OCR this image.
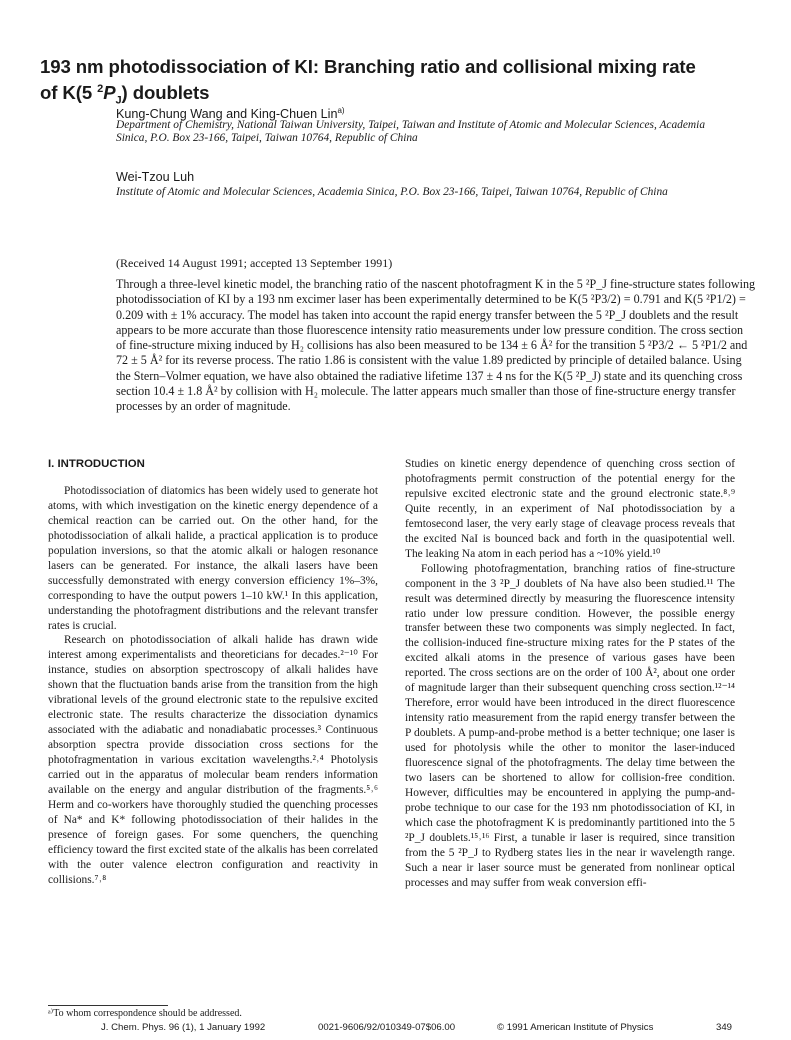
193 nm photodissociation of KI: Branching ratio and collisional mixing rate
of K(5 $^2P_J$) doublets
Kung-Chung Wang and King-Chuen Lin$^{a)}$
Department of Chemistry, National Taiwan University, Taipei, Taiwan and Institute of Atomic and Molecular Sciences, Academia Sinica, P.O. Box 23-166, Taipei, Taiwan 10764, Republic of China
Wei-Tzou Luh
Institute of Atomic and Molecular Sciences, Academia Sinica, P.O. Box 23-166, Taipei, Taiwan 10764, Republic of China
(Received 14 August 1991; accepted 13 September 1991)

Through a three-level kinetic model, the branching ratio of the nascent photofragment K in the 5 ²P_J fine-structure states following photodissociation of KI by a 193 nm excimer laser has been experimentally determined to be K(5 ²P3/2) = 0.791 and K(5 ²P1/2) = 0.209 with ± 1% accuracy. The model has taken into account the rapid energy transfer between the 5 ²P_J doublets and the result appears to be more accurate than those fluorescence intensity ratio measurements under low pressure condition. The cross section of fine-structure mixing induced by H₂ collisions has also been measured to be 134 ± 6 Å² for the transition 5 ²P3/2 ← 5 ²P1/2 and 72 ± 5 Å² for its reverse process. The ratio 1.86 is consistent with the value 1.89 predicted by principle of detailed balance. Using the Stern–Volmer equation, we have also obtained the radiative lifetime 137 ± 4 ns for the K(5 ²P_J) state and its quenching cross section 10.4 ± 1.8 Å² by collision with H₂ molecule. The latter appears much smaller than those of fine-structure energy transfer processes by an order of magnitude.

I. INTRODUCTION

Photodissociation of diatomics has been widely used to generate hot atoms, with which investigation on the kinetic energy dependence of a chemical reaction can be carried out. On the other hand, for the photodissociation of alkali halide, a practical application is to produce population inversions, so that the atomic alkali or halogen resonance lasers can be generated. For instance, the alkali lasers have been successfully demonstrated with energy conversion efficiency 1%–3%, corresponding to have the output powers 1–10 kW.¹ In this application, understanding the photofragment distributions and the relevant transfer rates is crucial.

Research on photodissociation of alkali halide has drawn wide interest among experimentalists and theoreticians for decades.²⁻¹⁰ For instance, studies on absorption spectroscopy of alkali halides have shown that the fluctuation bands arise from the transition from the high vibrational levels of the ground electronic state to the repulsive excited electronic state. The results characterize the dissociation dynamics associated with the adiabatic and nonadiabatic processes.³ Continuous absorption spectra provide dissociation cross sections for the photofragmentation in various excitation wavelengths.²˒⁴ Photolysis carried out in the apparatus of molecular beam renders information available on the energy and angular distribution of the fragments.⁵˒⁶ Herm and co-workers have thoroughly studied the quenching processes of Na* and K* following photodissociation of their halides in the presence of foreign gases. For some quenchers, the quenching efficiency toward the first excited state of the alkalis has been correlated with the outer valence electron configuration and reactivity in collisions.⁷˒⁸

Studies on kinetic energy dependence of quenching cross section of photofragments permit construction of the potential energy for the repulsive excited electronic state and the ground electronic state.⁸˒⁹ Quite recently, in an experiment of NaI photodissociation by a femtosecond laser, the very early stage of cleavage process reveals that the excited NaI is bounced back and forth in the quasipotential well. The leaking Na atom in each period has a ~10% yield.¹⁰

Following photofragmentation, branching ratios of fine-structure component in the 3 ²P_J doublets of Na have also been studied.¹¹ The result was determined directly by measuring the fluorescence intensity ratio under low pressure condition. However, the possible energy transfer between these two components was simply neglected. In fact, the collision-induced fine-structure mixing rates for the P states of the excited alkali atoms in the presence of various gases have been reported. The cross sections are on the order of 100 Å², about one order of magnitude larger than their subsequent quenching cross section.¹²⁻¹⁴ Therefore, error would have been introduced in the direct fluorescence intensity ratio measurement from the rapid energy transfer between the P doublets. A pump-and-probe method is a better technique; one laser is used for photolysis while the other to monitor the laser-induced fluorescence signal of the photofragments. The delay time between the two lasers can be shortened to allow for collision-free condition. However, difficulties may be encountered in applying the pump-and-probe technique to our case for the 193 nm photodissociation of KI, in which case the photofragment K is predominantly partitioned into the 5 ²P_J doublets.¹⁵˒¹⁶ First, a tunable ir laser is required, since transition from the 5 ²P_J to Rydberg states lies in the near ir wavelength range. Such a near ir laser source must be generated from nonlinear optical processes and may suffer from weak conversion effi-

ᵃ⁾To whom correspondence should be addressed.
J. Chem. Phys. 96 (1), 1 January 1992	0021-9606/92/010349-07$06.00	© 1991 American Institute of Physics	349
